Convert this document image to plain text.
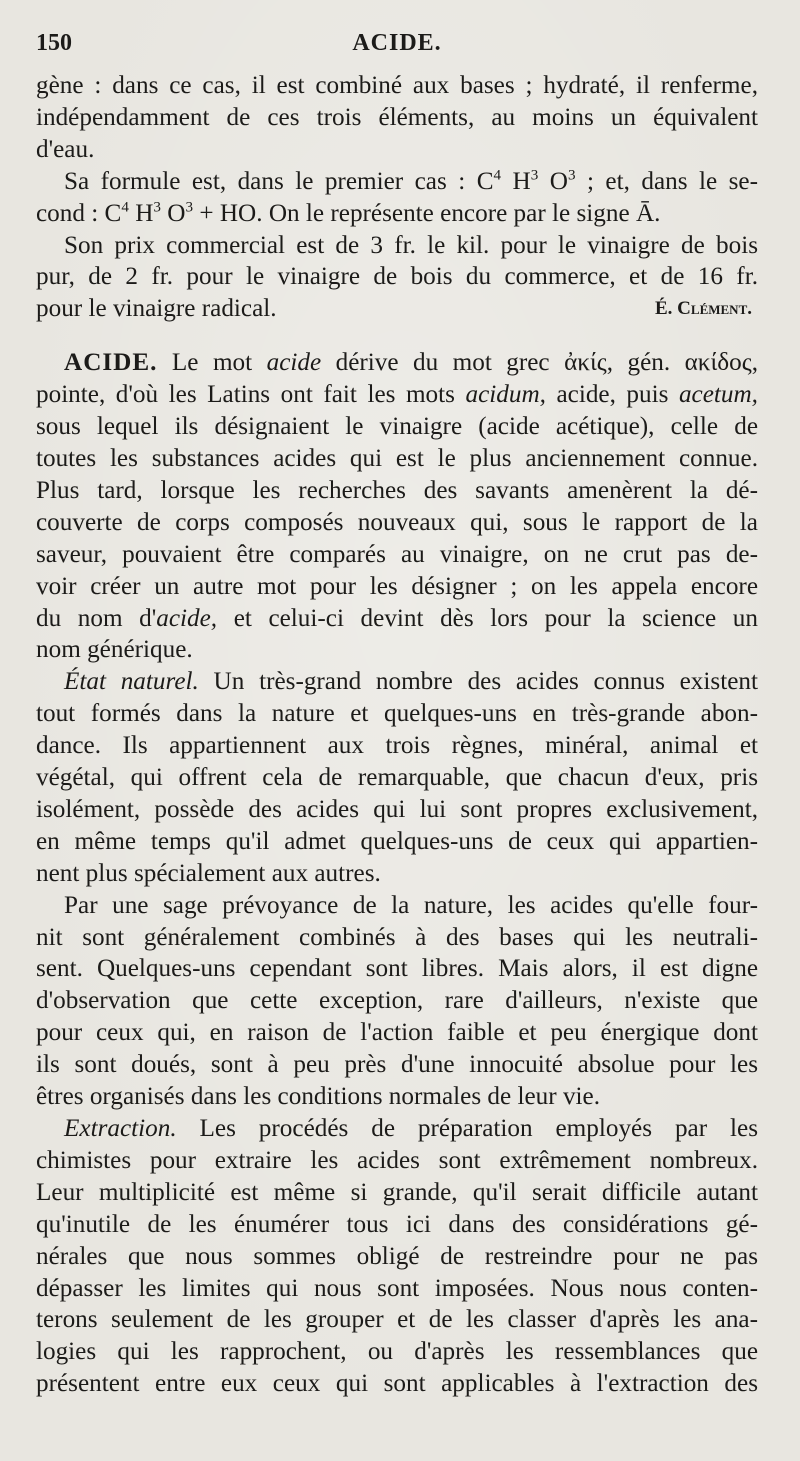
150	ACIDE.
gène : dans ce cas, il est combiné aux bases ; hydraté, il renferme,
indépendamment de ces trois éléments, au moins un équivalent
d'eau.
Sa formule est, dans le premier cas : $C^4$ $H^3$ $O^3$ ; et, dans le se-
cond : $C^4$ $H^3$ $O^3$ + HO. On le représente encore par le signe Ā.
Son prix commercial est de 3 fr. le kil. pour le vinaigre de bois
pur, de 2 fr. pour le vinaigre de bois du commerce, et de 16 fr.
pour le vinaigre radical.	É. Clément.
ACIDE. Le mot acide dérive du mot grec ἀκίς, gén. ακίδος,
pointe, d'où les Latins ont fait les mots acidum, acide, puis acetum,
sous lequel ils désignaient le vinaigre (acide acétique), celle de
toutes les substances acides qui est le plus anciennement connue.
Plus tard, lorsque les recherches des savants amenèrent la dé-
couverte de corps composés nouveaux qui, sous le rapport de la
saveur, pouvaient être comparés au vinaigre, on ne crut pas de-
voir créer un autre mot pour les désigner ; on les appela encore
du nom d'acide, et celui-ci devint dès lors pour la science un
nom générique.
État naturel. Un très-grand nombre des acides connus existent
tout formés dans la nature et quelques-uns en très-grande abon-
dance. Ils appartiennent aux trois règnes, minéral, animal et
végétal, qui offrent cela de remarquable, que chacun d'eux, pris
isolément, possède des acides qui lui sont propres exclusivement,
en même temps qu'il admet quelques-uns de ceux qui appartien-
nent plus spécialement aux autres.
Par une sage prévoyance de la nature, les acides qu'elle four-
nit sont généralement combinés à des bases qui les neutrali-
sent. Quelques-uns cependant sont libres. Mais alors, il est digne
d'observation que cette exception, rare d'ailleurs, n'existe que
pour ceux qui, en raison de l'action faible et peu énergique dont
ils sont doués, sont à peu près d'une innocuité absolue pour les
êtres organisés dans les conditions normales de leur vie.
Extraction. Les procédés de préparation employés par les
chimistes pour extraire les acides sont extrêmement nombreux.
Leur multiplicité est même si grande, qu'il serait difficile autant
qu'inutile de les énumérer tous ici dans des considérations gé-
nérales que nous sommes obligé de restreindre pour ne pas
dépasser les limites qui nous sont imposées. Nous nous conten-
terons seulement de les grouper et de les classer d'après les ana-
logies qui les rapprochent, ou d'après les ressemblances que
présentent entre eux ceux qui sont applicables à l'extraction des
